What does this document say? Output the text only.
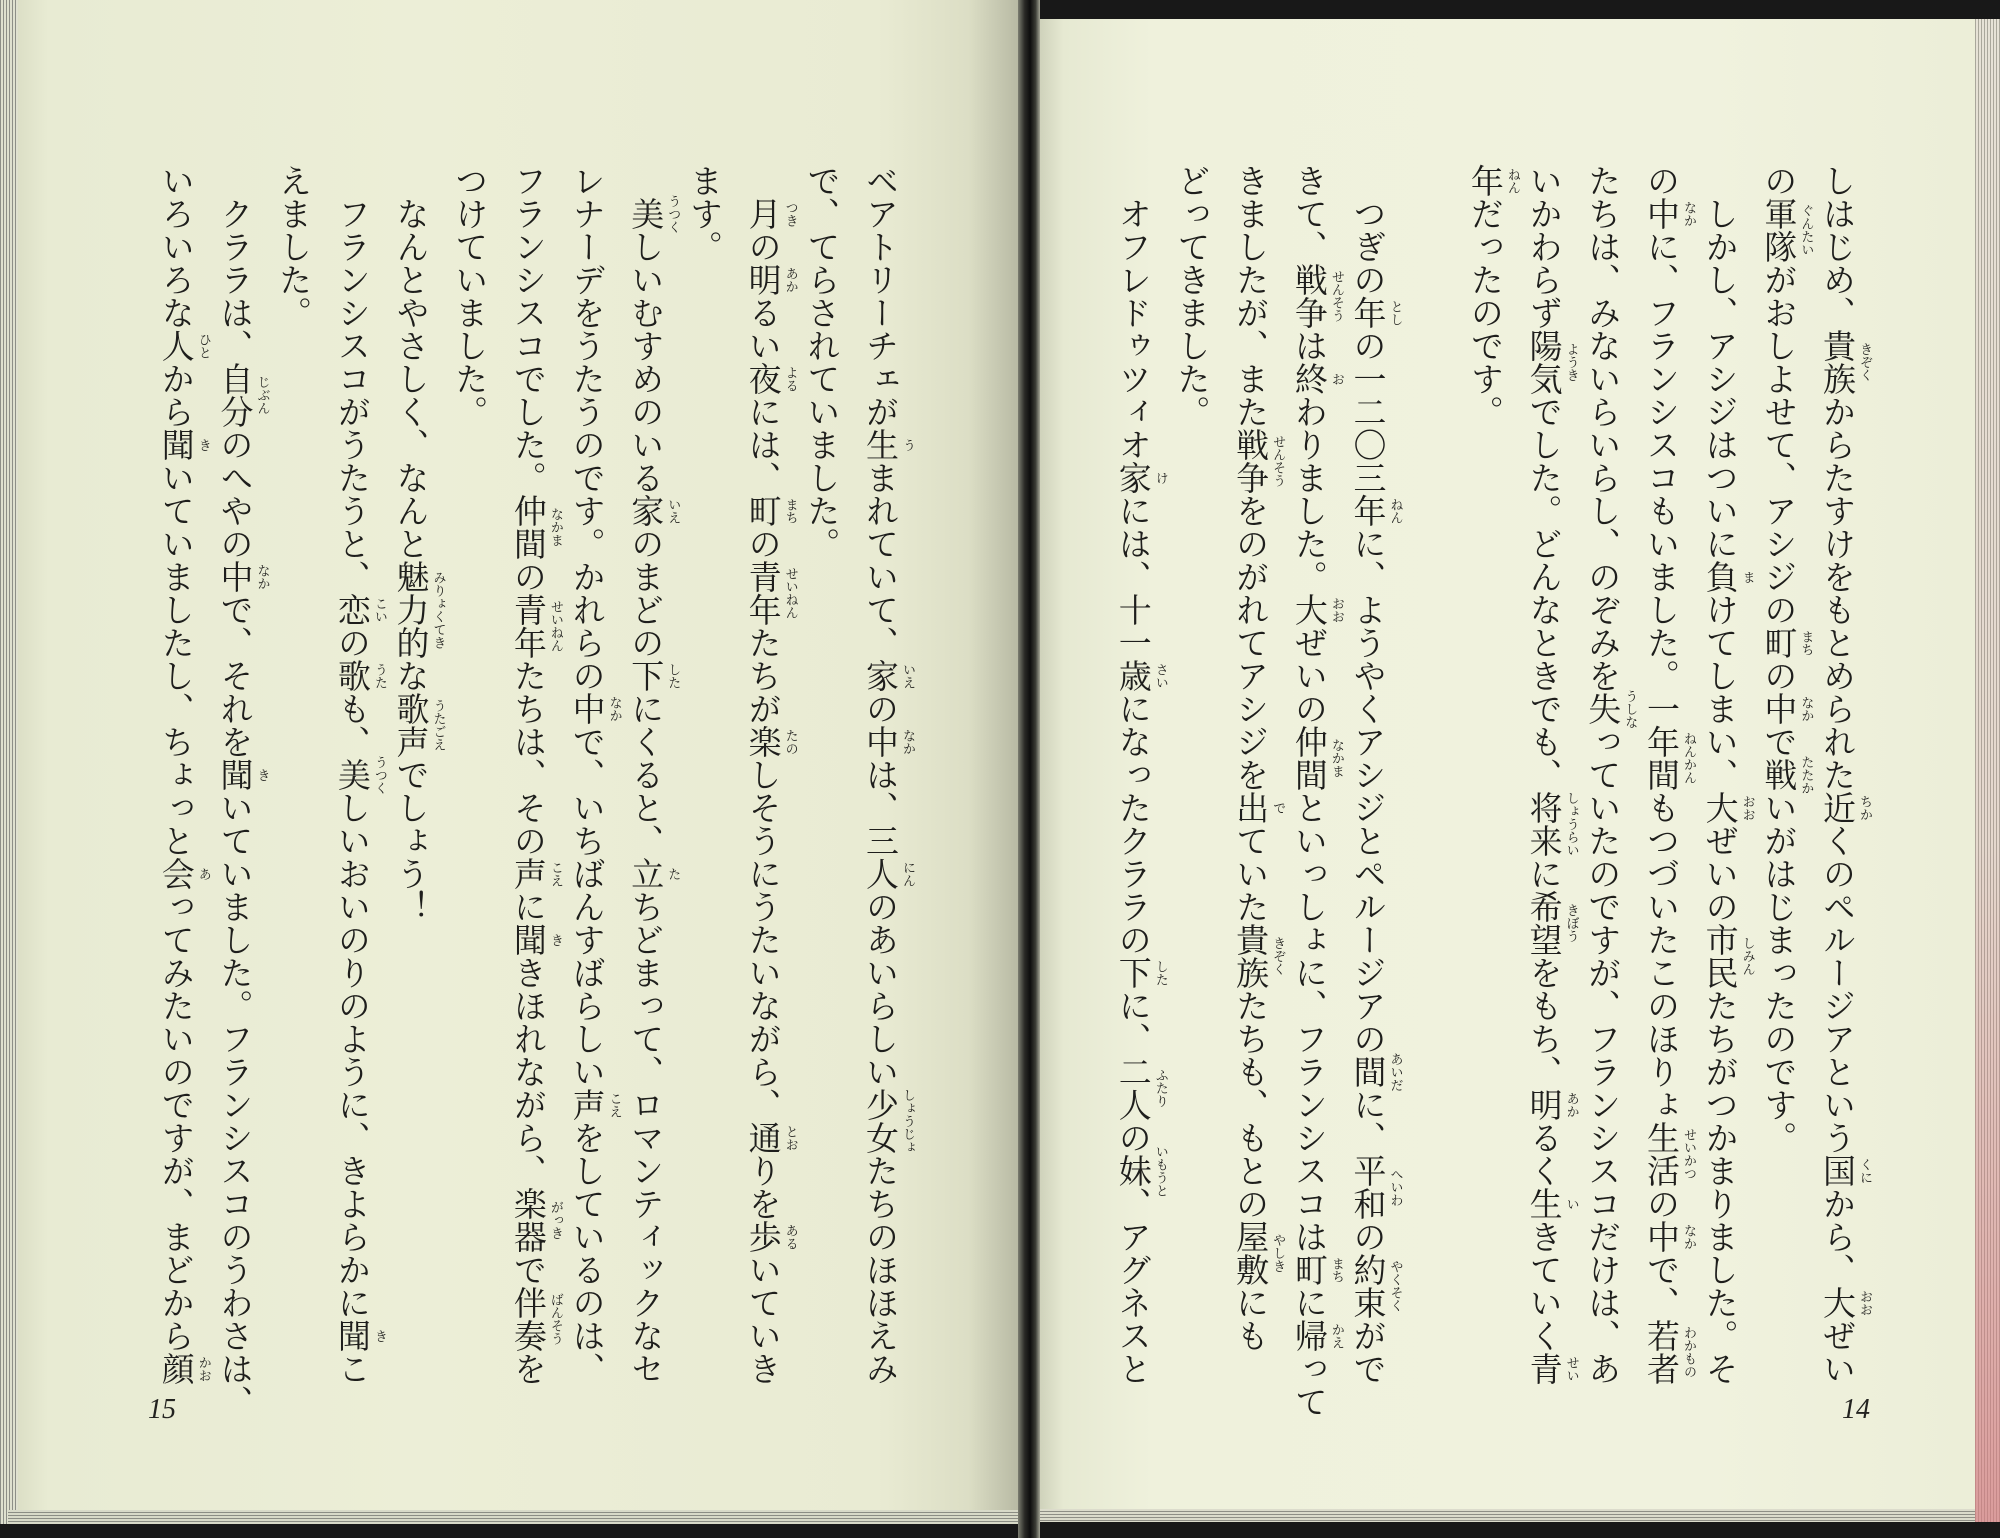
ベアトリーチェが生 う
まれていて、家 いえ
の中 なか
は、三人 にん
のあいらしい少女 しょうじょ
たちのほほえみ
で、てらされていました。
　月 つき
の明 あか
るい夜 よる
には、町 まち
の青年 せいねん
たちが楽 たの
しそうにうたいながら、通 とお
りを歩 ある
いていき
ます。
　美 うつく
しいむすめのいる家 いえ
のまどの下 した
にくると、立 た
ちどまって、ロマンティックなセ
レナーデをうたうのです。かれらの中 なか
で、いちばんすばらしい声 こえ
をしているのは、
フランシスコでした。仲間 なかま
の青年 せいねん
たちは、その声 こえ
に聞 き
きほれながら、楽器 がっき
で伴奏 ばんそう
を
つけていました。
　なんとやさしく、なんと魅力的 みりょくてき
な歌声 うたごえ
でしょう！
　フランシスコがうたうと、恋 こい
の歌 うた
も、美 うつく
しいおいのりのように、きよらかに聞 き
こ
えました。
　クララは、自分 じぶん
のへやの中 なか
で、それを聞 き
いていました。フランシスコのうわさは、
いろいろな人 ひと
から聞 き
いていましたし、ちょっと会 あ
ってみたいのですが、まどから顔 かお
しはじめ、貴族 きぞく
からたすけをもとめられた近 ちか
くのペルージアという国 くに
から、大 おお
ぜい
の軍隊 ぐんたい
がおしよせて、アシジの町 まち
の中 なか
で戦 たたか
いがはじまったのです。
　しかし、アシジはついに負 ま
けてしまい、大 おお
ぜいの市民 しみん
たちがつかまりました。そ
の中 なか
に、フランシスコもいました。一年間 ねんかん
もつづいたこのほりょ生活 せいかつ
の中 なか
で、若者 わかもの
たちは、みないらいらし、のぞみを失 うしな
っていたのですが、フランシスコだけは、あ
いかわらず陽気 ようき
でした。どんなときでも、将来 しょうらい
に希望 きぼう
をもち、明 あか
るく生 い
きていく青 せい
年 ねん
だったのです。
　つぎの年 とし
の一二〇三年 ねん
に、ようやくアシジとペルージアの間 あいだ
に、平和 へいわ
の約束 やくそく
がで
きて、戦争 せんそう
は終 お
わりました。大 おお
ぜいの仲間 なかま
といっしょに、フランシスコは町 まち
に帰 かえ
って
きましたが、また戦争 せんそう
をのがれてアシジを出 で
ていた貴族 きぞく
たちも、もとの屋敷 やしき
にも
どってきました。
　オフレドゥツィオ家 け
には、十一歳 さい
になったクララの下 した
に、二人 ふたり
の妹 いもうと
、アグネスと
15	14
